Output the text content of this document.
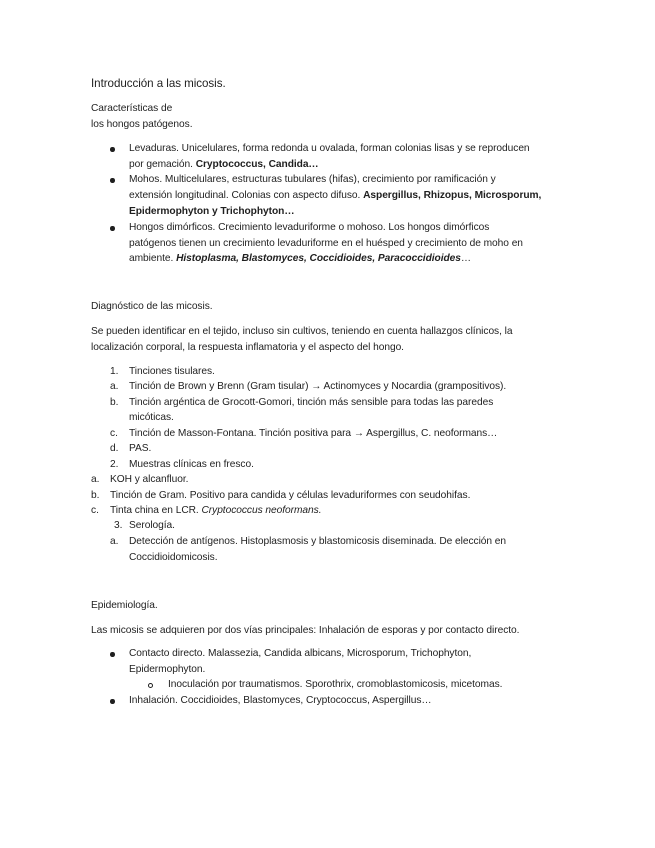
Introducción a las micosis.
Características de
los hongos patógenos.
Levaduras. Unicelulares, forma redonda u ovalada, forman colonias lisas y se reproducen
por gemación. Cryptococcus, Candida…
Mohos. Multicelulares, estructuras tubulares (hifas), crecimiento por ramificación y
extensión longitudinal. Colonias con aspecto difuso. Aspergillus, Rhizopus, Microsporum,
Epidermophyton y Trichophyton…
Hongos dimórficos. Crecimiento levaduriforme o mohoso. Los hongos dimórficos
patógenos tienen un crecimiento levaduriforme en el huésped y crecimiento de moho en
ambiente. Histoplasma, Blastomyces, Coccidioides, Paracoccidioides…
Diagnóstico de las micosis.
Se pueden identificar en el tejido, incluso sin cultivos, teniendo en cuenta hallazgos clínicos, la
localización corporal, la respuesta inflamatoria y el aspecto del hongo.
1. Tinciones tisulares.
a. Tinción de Brown y Brenn (Gram tisular) → Actinomyces y Nocardia (grampositivos).
b. Tinción argéntica de Grocott-Gomori, tinción más sensible para todas las paredes
micóticas.
c. Tinción de Masson-Fontana. Tinción positiva para → Aspergillus, C. neoformans…
d. PAS.
2. Muestras clínicas en fresco.
a. KOH y alcanfluor.
b. Tinción de Gram. Positivo para candida y células levaduriformes con seudohifas.
c. Tinta china en LCR. Cryptococcus neoformans.
3. Serología.
a. Detección de antígenos. Histoplasmosis y blastomicosis diseminada. De elección en
Coccidioidomicosis.
Epidemiología.
Las micosis se adquieren por dos vías principales: Inhalación de esporas y por contacto directo.
Contacto directo. Malassezia, Candida albicans, Microsporum, Trichophyton,
Epidermophyton.
Inoculación por traumatismos. Sporothrix, cromoblastomicosis, micetomas.
Inhalación. Coccidioides, Blastomyces, Cryptococcus, Aspergillus…
